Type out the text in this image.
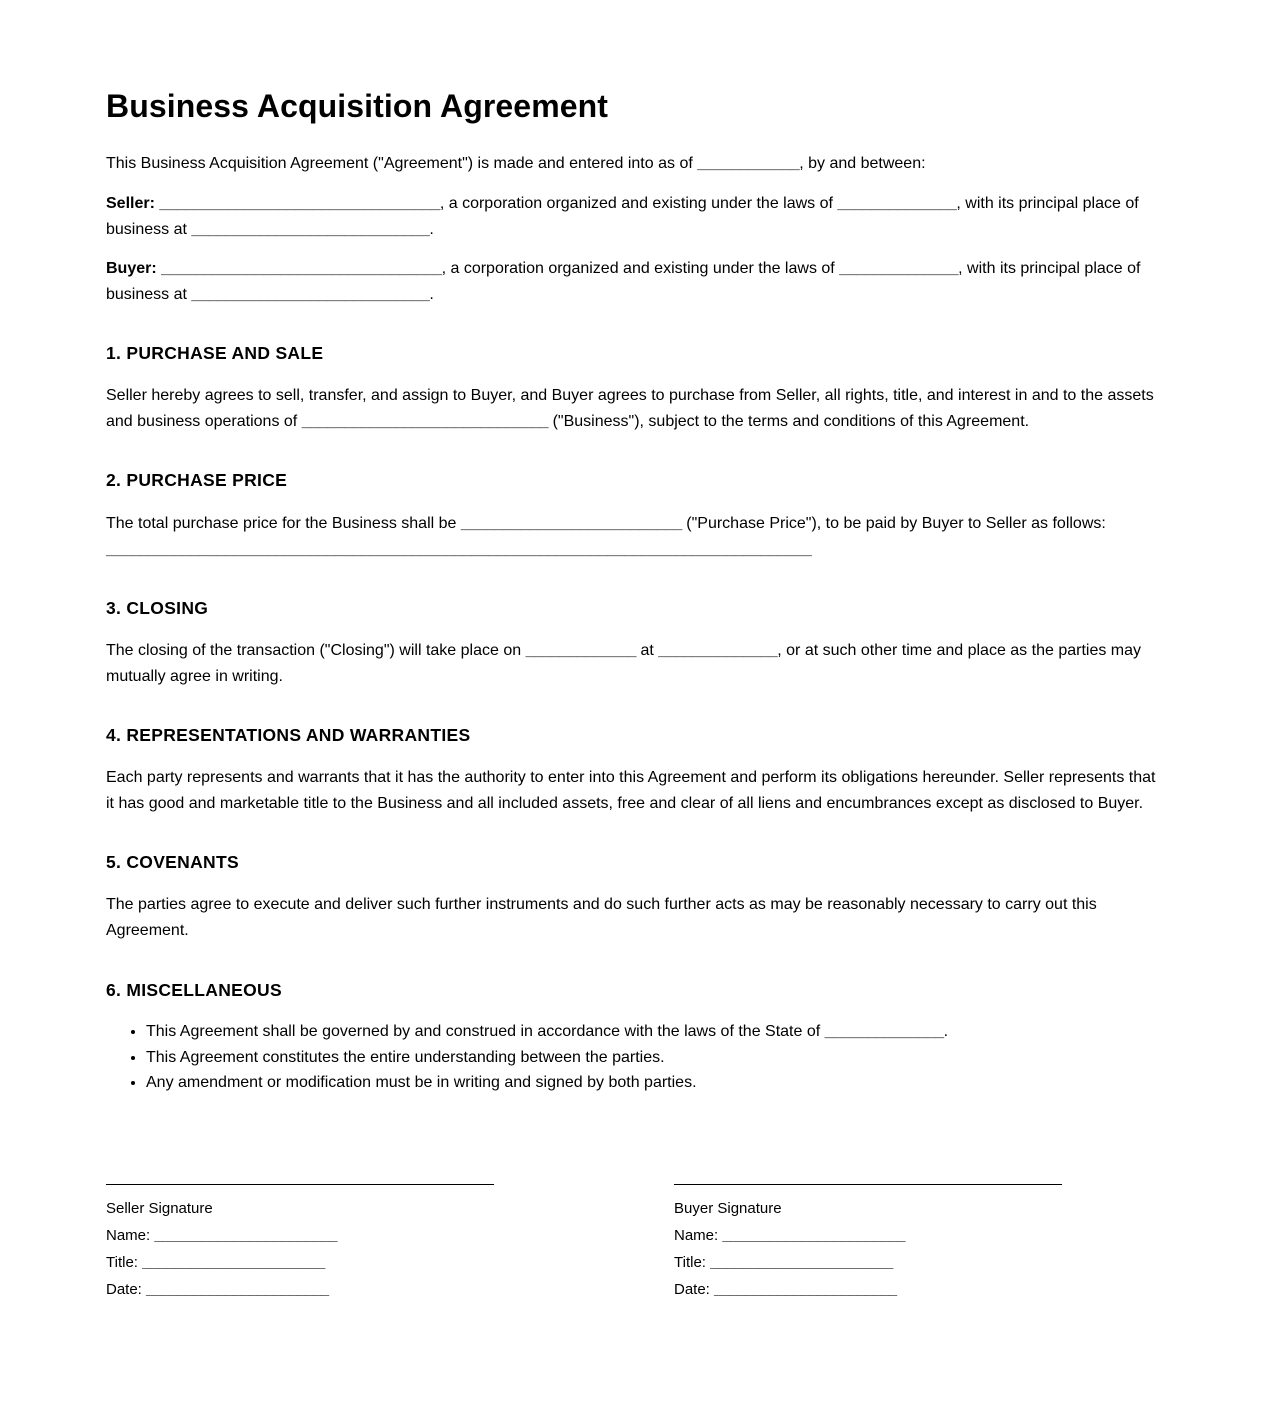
Business Acquisition Agreement

This Business Acquisition Agreement ("Agreement") is made and entered into as of ____________, by and between:

Seller: _________________________________, a corporation organized and existing under the laws of ______________, with its principal place of business at ____________________________.

Buyer: _________________________________, a corporation organized and existing under the laws of ______________, with its principal place of business at ____________________________.

1. PURCHASE AND SALE

Seller hereby agrees to sell, transfer, and assign to Buyer, and Buyer agrees to purchase from Seller, all rights, title, and interest in and to the assets and business operations of _____________________________ ("Business"), subject to the terms and conditions of this Agreement.

2. PURCHASE PRICE

The total purchase price for the Business shall be __________________________ ("Purchase Price"), to be paid by Buyer to Seller as follows:
___________________________________________________________________________________

3. CLOSING

The closing of the transaction ("Closing") will take place on _____________ at ______________, or at such other time and place as the parties may mutually agree in writing.

4. REPRESENTATIONS AND WARRANTIES

Each party represents and warrants that it has the authority to enter into this Agreement and perform its obligations hereunder. Seller represents that it has good and marketable title to the Business and all included assets, free and clear of all liens and encumbrances except as disclosed to Buyer.

5. COVENANTS

The parties agree to execute and deliver such further instruments and do such further acts as may be reasonably necessary to carry out this Agreement.

6. MISCELLANEOUS
• This Agreement shall be governed by and construed in accordance with the laws of the State of ______________.
• This Agreement constitutes the entire understanding between the parties.
• Any amendment or modification must be in writing and signed by both parties.
Seller Signature
Name: _______________________
Title: _______________________
Date: _______________________
Buyer Signature
Name: _______________________
Title: _______________________
Date: _______________________
